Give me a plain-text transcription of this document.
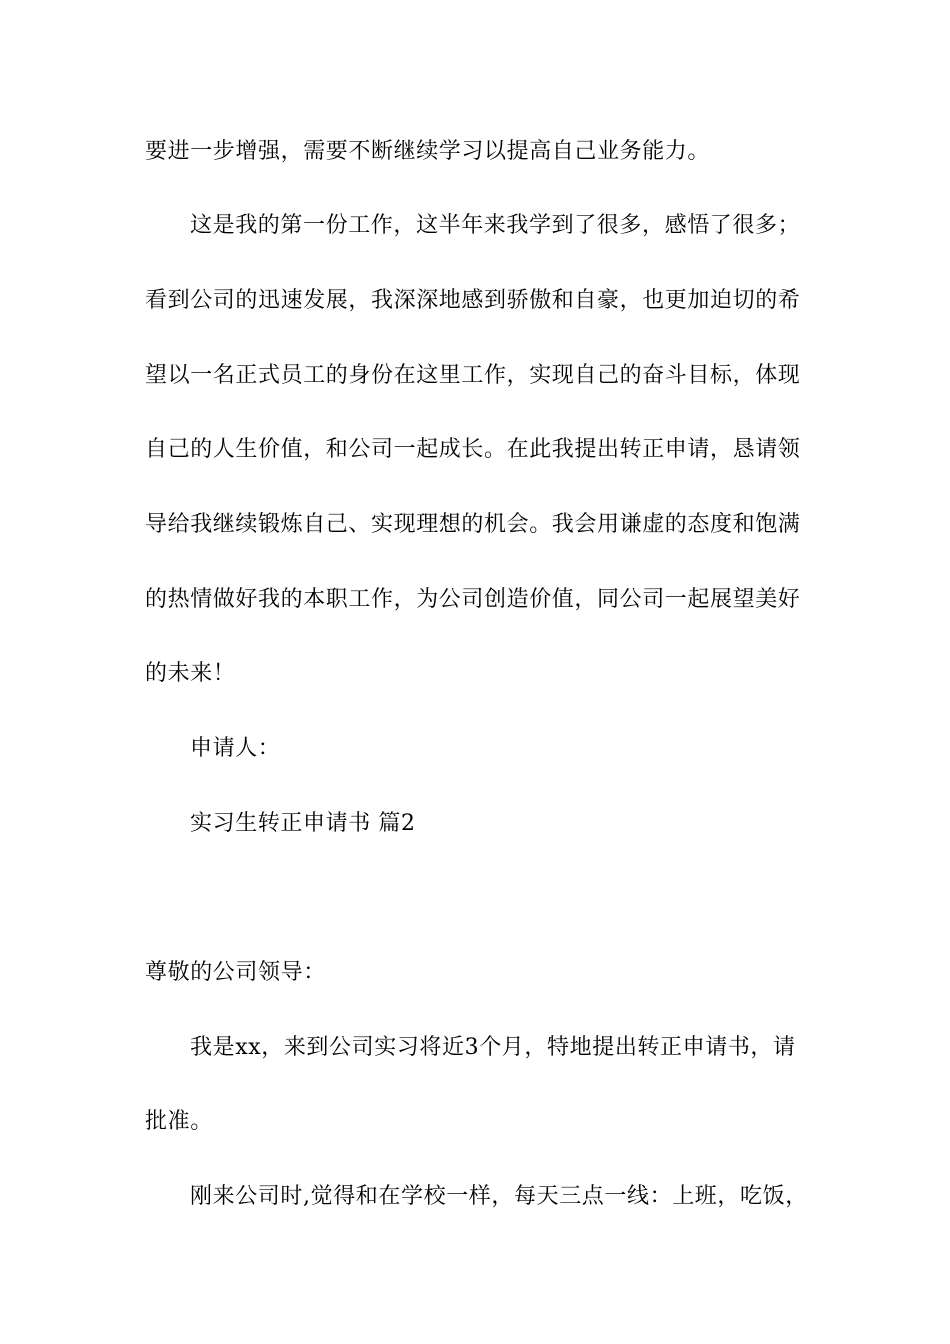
要进一步增强，需要不断继续学习以提高自己业务能力。
这是我的第一份工作，这半年来我学到了很多，感悟了很多；
看到公司的迅速发展，我深深地感到骄傲和自豪，也更加迫切的希
望以一名正式员工的身份在这里工作，实现自己的奋斗目标，体现
自己的人生价值，和公司一起成长。在此我提出转正申请，恳请领
导给我继续锻炼自己、实现理想的机会。我会用谦虚的态度和饱满
的热情做好我的本职工作，为公司创造价值，同公司一起展望美好
的未来！
申请人：
实习生转正申请书 篇2
尊敬的公司领导：
我是xx，来到公司实习将近3个月，特地提出转正申请书，请
批准。
刚来公司时,觉得和在学校一样，每天三点一线：上班，吃饭，
